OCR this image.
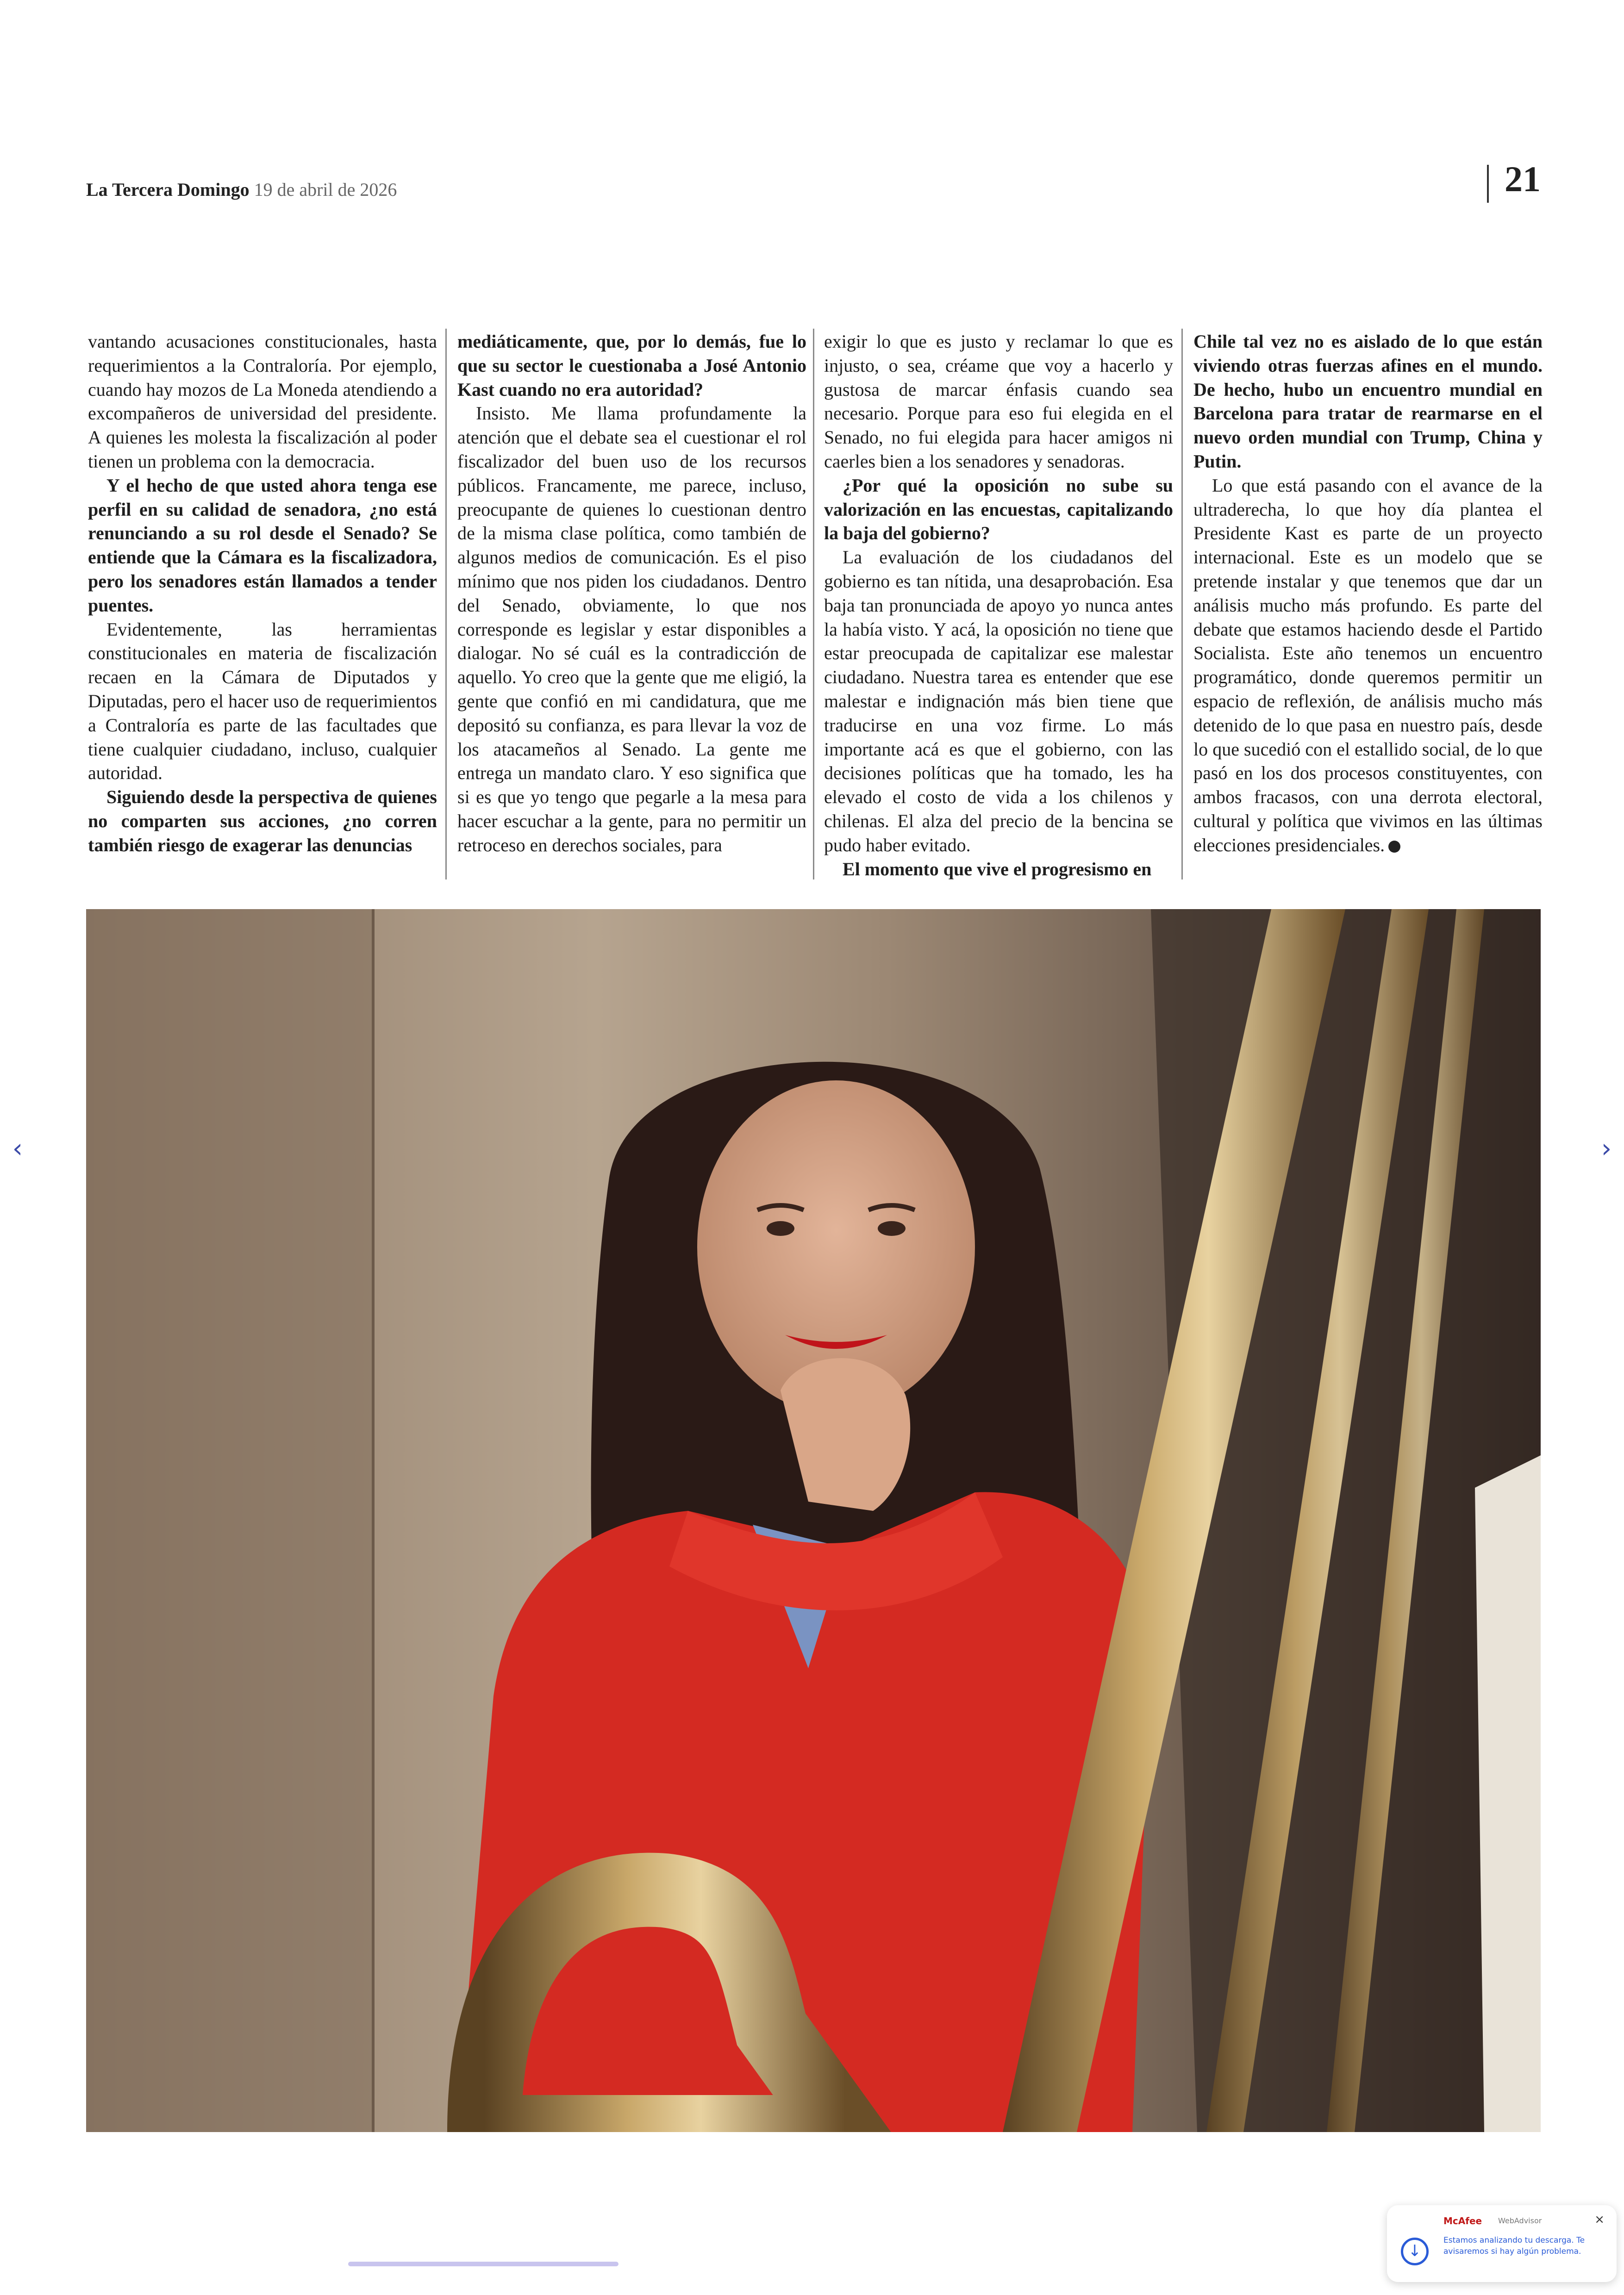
La Tercera Domingo 19 de abril de 2026	21

vantando acusaciones constitucionales, hasta requerimientos a la Contraloría. Por ejemplo, cuando hay mozos de La Moneda atendiendo a excompañeros de universidad del presidente. A quienes les molesta la fiscalización al poder tienen un problema con la democracia.

Y el hecho de que usted ahora tenga ese perfil en su calidad de senadora, ¿no está renunciando a su rol desde el Senado? Se entiende que la Cámara es la fiscalizadora, pero los senadores están llamados a tender puentes.

Evidentemente, las herramientas constitucionales en materia de fiscalización recaen en la Cámara de Diputados y Diputadas, pero el hacer uso de requerimientos a Contraloría es parte de las facultades que tiene cualquier ciudadano, incluso, cualquier autoridad.

Siguiendo desde la perspectiva de quienes no comparten sus acciones, ¿no corren también riesgo de exagerar las denuncias

mediáticamente, que, por lo demás, fue lo que su sector le cuestionaba a José Antonio Kast cuando no era autoridad?

Insisto. Me llama profundamente la atención que el debate sea el cuestionar el rol fiscalizador del buen uso de los recursos públicos. Francamente, me parece, incluso, preocupante de quienes lo cuestionan dentro de la misma clase política, como también de algunos medios de comunicación. Es el piso mínimo que nos piden los ciudadanos. Dentro del Senado, obviamente, lo que nos corresponde es legislar y estar disponibles a dialogar. No sé cuál es la contradicción de aquello. Yo creo que la gente que me eligió, la gente que confió en mi candidatura, que me depositó su confianza, es para llevar la voz de los atacameños al Senado. La gente me entrega un mandato claro. Y eso significa que si es que yo tengo que pegarle a la mesa para hacer escuchar a la gente, para no permitir un retroceso en derechos sociales, para

exigir lo que es justo y reclamar lo que es injusto, o sea, créame que voy a hacerlo y gustosa de marcar énfasis cuando sea necesario. Porque para eso fui elegida en el Senado, no fui elegida para hacer amigos ni caerles bien a los senadores y senadoras.

¿Por qué la oposición no sube su valorización en las encuestas, capitalizando la baja del gobierno?

La evaluación de los ciudadanos del gobierno es tan nítida, una desaprobación. Esa baja tan pronunciada de apoyo yo nunca antes la había visto. Y acá, la oposición no tiene que estar preocupada de capitalizar ese malestar ciudadano. Nuestra tarea es entender que ese malestar e indignación más bien tiene que traducirse en una voz firme. Lo más importante acá es que el gobierno, con las decisiones políticas que ha tomado, les ha elevado el costo de vida a los chilenos y chilenas. El alza del precio de la bencina se pudo haber evitado.

El momento que vive el progresismo en

Chile tal vez no es aislado de lo que están viviendo otras fuerzas afines en el mundo. De hecho, hubo un encuentro mundial en Barcelona para tratar de rearmarse en el nuevo orden mundial con Trump, China y Putin.

Lo que está pasando con el avance de la ultraderecha, lo que hoy día plantea el Presidente Kast es parte de un proyecto internacional. Este es un modelo que se pretende instalar y que tenemos que dar un análisis mucho más profundo. Es parte del debate que estamos haciendo desde el Partido Socialista. Este año tenemos un encuentro programático, donde queremos permitir un espacio de reflexión, de análisis mucho más detenido de lo que pasa en nuestro país, desde lo que sucedió con el estallido social, de lo que pasó en los dos procesos constituyentes, con ambos fracasos, con una derrota electoral, cultural y política que vivimos en las últimas elecciones presidenciales.

‹	›
↓
McAfee WebAdvisor
Estamos analizando tu descarga. Te avisaremos si hay algún problema.
×
